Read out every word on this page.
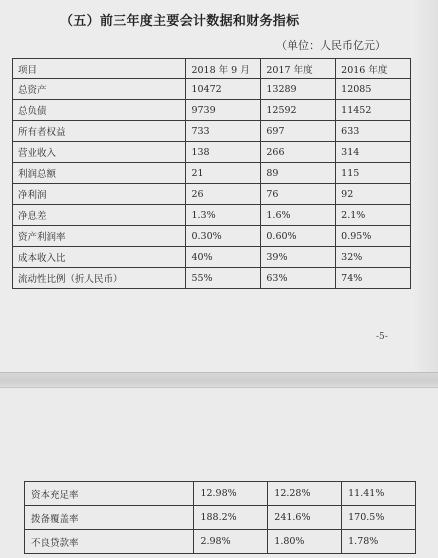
（五）前三年度主要会计数据和财务指标
（单位：人民币亿元）
项目	2018 年 9 月	2017 年度	2016 年度
总资产	10472	13289	12085
总负债	9739	12592	11452
所有者权益	733	697	633
营业收入	138	266	314
利润总额	21	89	115
净利润	26	76	92
净息差	1.3%	1.6%	2.1%
资产利润率	0.30%	0.60%	0.95%
成本收入比	40%	39%	32%
流动性比例（折人民币）	55%	63%	74%
-5-
资本充足率	12.98%	12.28%	11.41%
拨备覆盖率	188.2%	241.6%	170.5%
不良贷款率	2.98%	1.80%	1.78%
